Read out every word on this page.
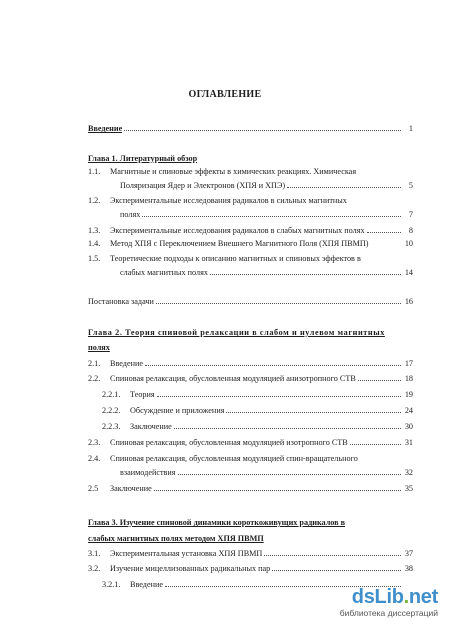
ОГЛАВЛЕНИЕ
Введение	1
Глава 1. Литературный обзор
1.1.	Магнитные и спиновые эффекты в химических реакциях. Химическая
Поляризация Ядер и Электронов (ХПЯ и ХПЭ)	5
1.2.	Экспериментальные исследования радикалов в сильных магнитных
полях	7
1.3.	Экспериментальные исследования радикалов в слабых магнитных полях	8
1.4.	Метод ХПЯ с Переключением Внешнего Магнитного Поля (ХПЯ ПВМП)	10
1.5.	Теоретические подходы к описанию магнитных и спиновых эффектов в
слабых магнитных полях	14
Постановка задачи	16
Глава 2. Теория спиновой релаксации в слабом и нулевом магнитных
полях
2.1.	Введение	17
2.2.	Спиновая релаксация, обусловленная модуляцией анизотропного СТВ	18
2.2.1.	Теория	19
2.2.2.	Обсуждение и приложения	24
2.2.3.	Заключение	30
2.3.	Спиновая релаксация, обусловленная модуляцией изотропного СТВ	31
2.4.	Спиновая релаксация, обусловленная модуляцией спин-вращательного
взаимодействия	32
2.5	Заключение	35
Глава 3. Изучение спиновой динамики короткоживущих радикалов в
слабых магнитных полях методом ХПЯ ПВМП
3.1.	Экспериментальная установка ХПЯ ПВМП	37
3.2.	Изучение мицеллизованных радикальных пар	38
3.2.1.	Введение
dsLib.net
библиотека диссертаций
